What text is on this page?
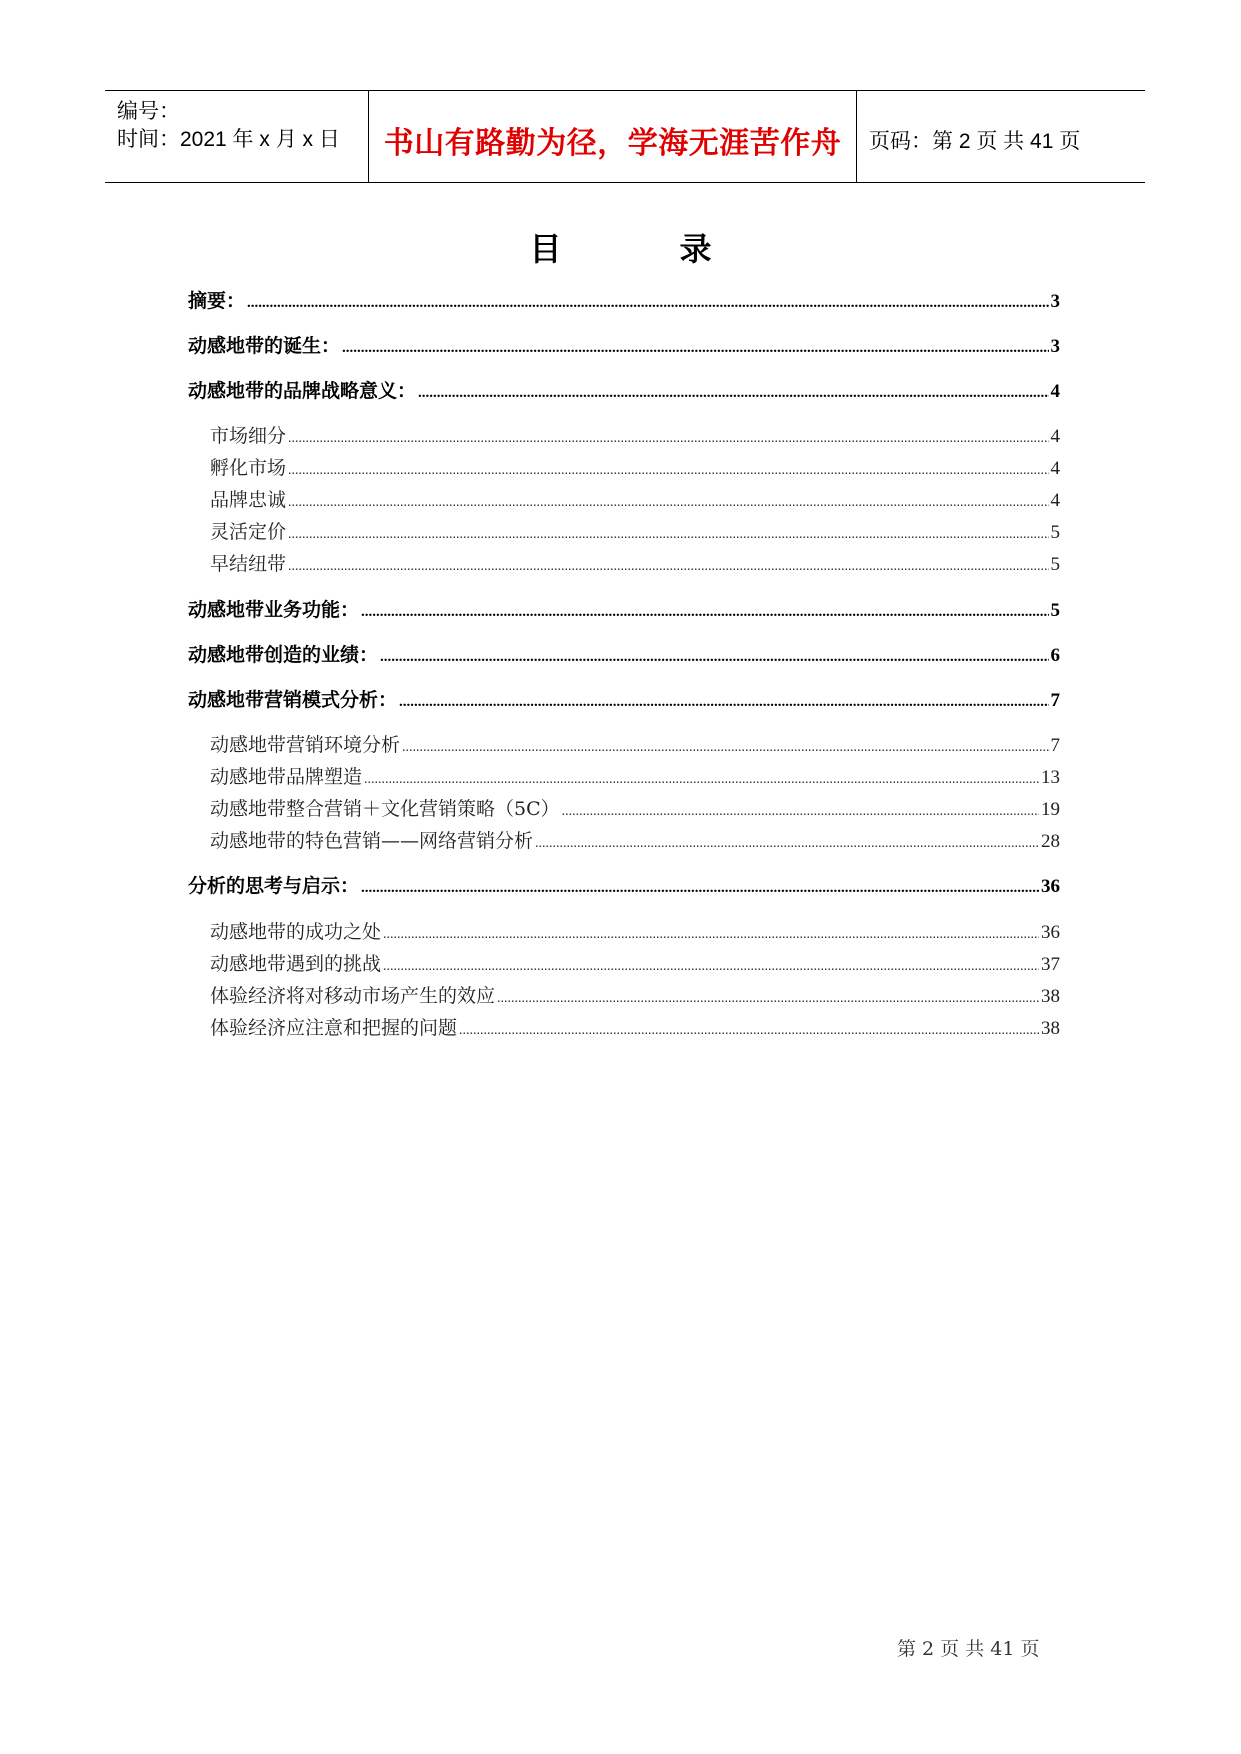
编号：
时间：2021 年 x 月 x 日	书山有路勤为径，学海无涯苦作舟	页码：第 2 页 共 41 页
目	录
摘要： .....	3
动感地带的诞生： .....	3
动感地带的品牌战略意义： .....	4
市场细分 .....	4
孵化市场 .....	4
品牌忠诚 .....	4
灵活定价 .....	5
早结纽带 .....	5
动感地带业务功能： .....	5
动感地带创造的业绩： .....	6
动感地带营销模式分析： .....	7
动感地带营销环境分析 .....	7
动感地带品牌塑造 .....	13
动感地带整合营销＋文化营销策略（5C） .....	19
动感地带的特色营销——网络营销分析 .....	28
分析的思考与启示： .....	36
动感地带的成功之处 .....	36
动感地带遇到的挑战 .....	37
体验经济将对移动市场产生的效应 .....	38
体验经济应注意和把握的问题 .....	38
第 2 页 共 41 页
